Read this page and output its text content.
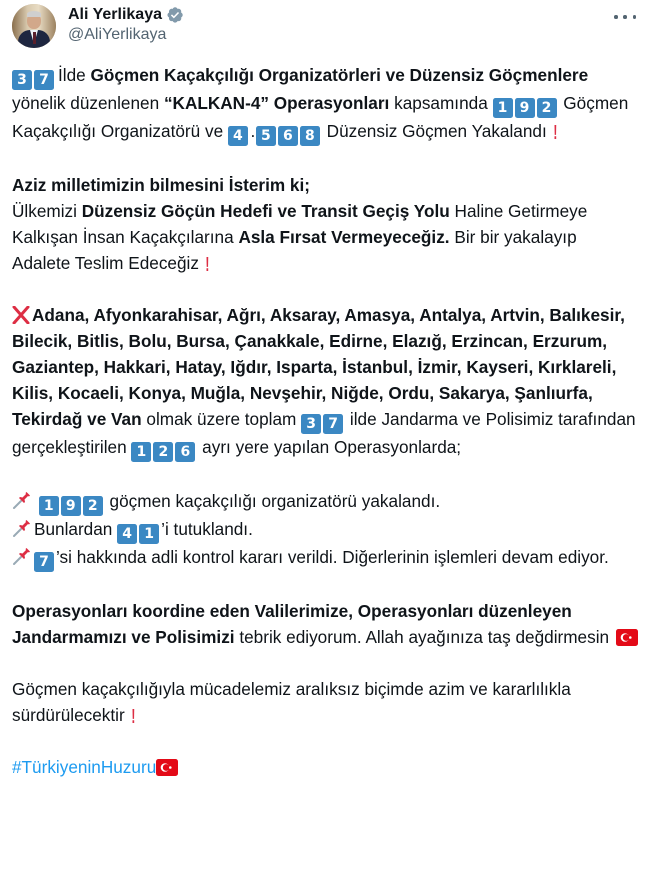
Ali Yerlikaya
@AliYerlikaya

3 7 İlde Göçmen Kaçakçılığı Organizatörleri ve Düzensiz Göçmenlere yönelik düzenlenen “KALKAN-4” Operasyonları kapsamında 1 9 2 Göçmen Kaçakçılığı Organizatörü ve 4 . 5 6 8 Düzensiz Göçmen Yakalandı !

Aziz milletimizin bilmesini İsterim ki;
Ülkemizi Düzensiz Göçün Hedefi ve Transit Geçiş Yolu Haline Getirmeye Kalkışan İnsan Kaçakçılarına Asla Fırsat Vermeyeceğiz. Bir bir yakalayıp Adalete Teslim Edeceğiz !

Adana, Afyonkarahisar, Ağrı, Aksaray, Amasya, Antalya, Artvin, Balıkesir, Bilecik, Bitlis, Bolu, Bursa, Çanakkale, Edirne, Elazığ, Erzincan, Erzurum, Gaziantep, Hakkari, Hatay, Iğdır, Isparta, İstanbul, İzmir, Kayseri, Kırklareli, Kilis, Kocaeli, Konya, Muğla, Nevşehir, Niğde, Ordu, Sakarya, Şanlıurfa, Tekirdağ ve Van olmak üzere toplam 3 7 ilde Jandarma ve Polisimiz tarafından gerçekleştirilen 1 2 6 ayrı yere yapılan Operasyonlarda;

1 9 2 göçmen kaçakçılığı organizatörü yakalandı.
Bunlardan 4 1 ’i tutuklandı.
7 ’si hakkında adli kontrol kararı verildi. Diğerlerinin işlemleri devam ediyor.

Operasyonları koordine eden Valilerimize, Operasyonları düzenleyen Jandarmamızı ve Polisimizi tebrik ediyorum. Allah ayağınıza taş değdirmesin

Göçmen kaçakçılığıyla mücadelemiz aralıksız biçimde azim ve kararlılıkla sürdürülecektir !

#TürkiyeninHuzuru
